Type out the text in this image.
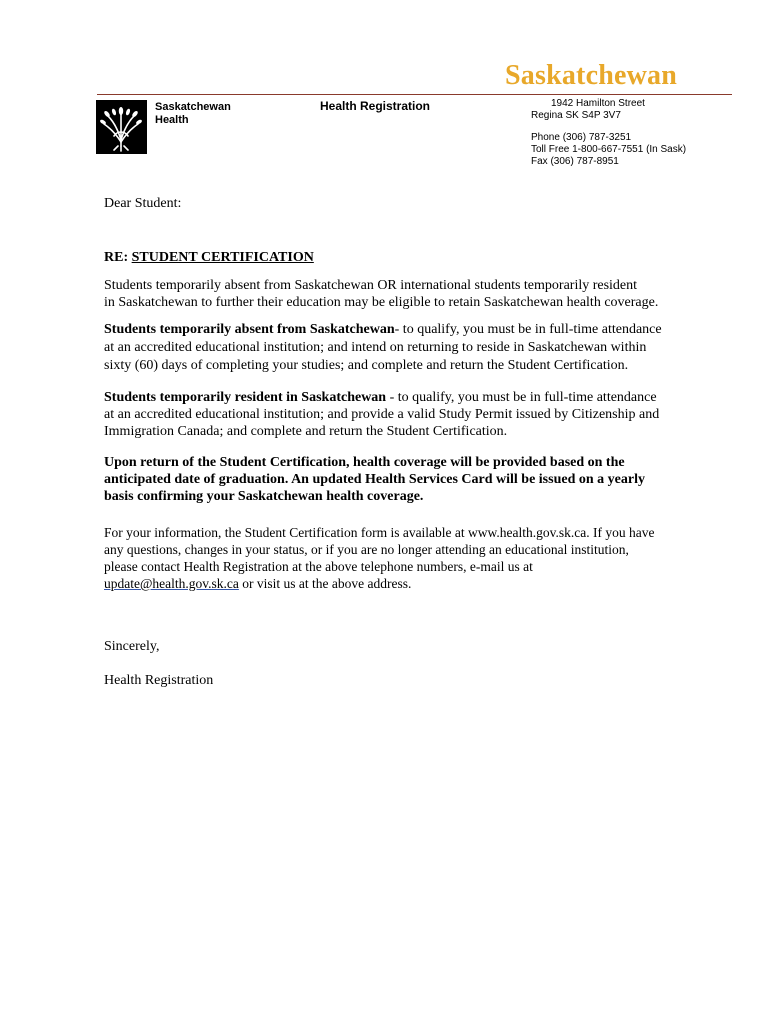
Saskatchewan
Saskatchewan
Health
Health Registration	1942 Hamilton Street
Regina SK S4P 3V7
Phone (306) 787-3251
Toll Free 1-800-667-7551 (In Sask)
Fax (306) 787-8951

Dear Student:

RE: STUDENT CERTIFICATION

Students temporarily absent from Saskatchewan OR international students temporarily resident
in Saskatchewan to further their education may be eligible to retain Saskatchewan health coverage.

Students temporarily absent from Saskatchewan- to qualify, you must be in full-time attendance
at an accredited educational institution; and intend on returning to reside in Saskatchewan within
sixty (60) days of completing your studies; and complete and return the Student Certification.

Students temporarily resident in Saskatchewan - to qualify, you must be in full-time attendance
at an accredited educational institution; and provide a valid Study Permit issued by Citizenship and
Immigration Canada; and complete and return the Student Certification.

Upon return of the Student Certification, health coverage will be provided based on the
anticipated date of graduation. An updated Health Services Card will be issued on a yearly
basis confirming your Saskatchewan health coverage.

For your information, the Student Certification form is available at www.health.gov.sk.ca. If you have
any questions, changes in your status, or if you are no longer attending an educational institution,
please contact Health Registration at the above telephone numbers, e-mail us at
update@health.gov.sk.ca or visit us at the above address.

Sincerely,

Health Registration
